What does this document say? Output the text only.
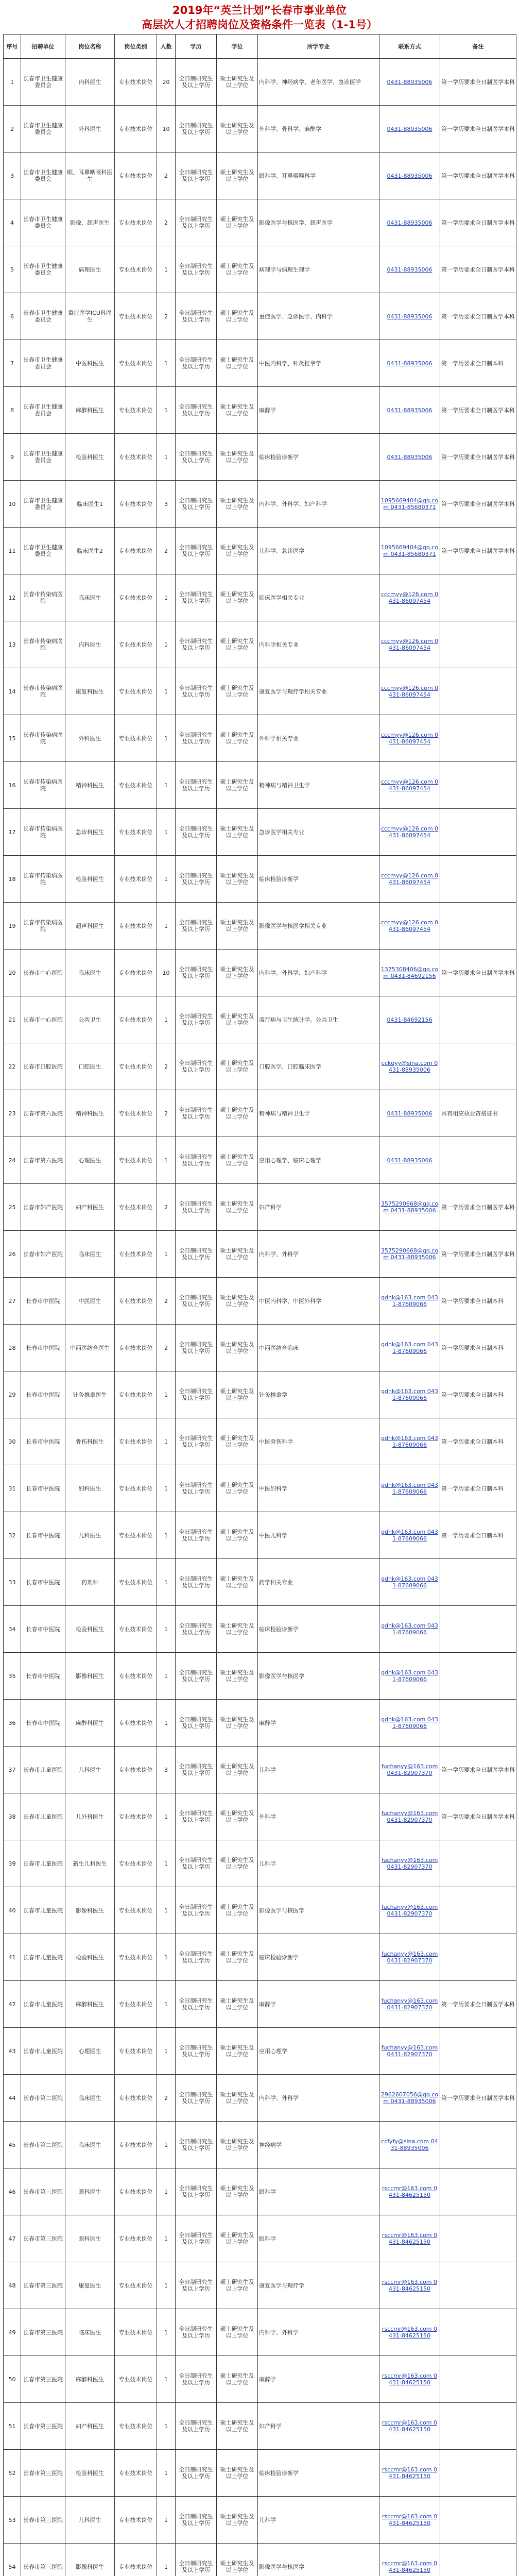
2019年“英兰计划”长春市事业单位
高层次人才招聘岗位及资格条件一览表（1-1号）
序号	招聘单位	岗位名称	岗位类别	人数	学历	学位	所学专业	联系方式	备注
1	长春市卫生健康委员会	内科医生	专业技术岗位	20	全日制研究生及以上学历	硕士研究生及以上学位	内科学、神经病学、老年医学、急诊医学	0431-88935006	第一学历要求全日制医学本科
2	长春市卫生健康委员会	外科医生	专业技术岗位	10	全日制研究生及以上学历	硕士研究生及以上学位	外科学、骨科学、麻醉学	0431-88935006	第一学历要求全日制医学本科
3	长春市卫生健康委员会	眼、耳鼻咽喉科医生	专业技术岗位	2	全日制研究生及以上学历	硕士研究生及以上学位	眼科学、耳鼻咽喉科学	0431-88935006	第一学历要求全日制医学本科
4	长春市卫生健康委员会	影像、超声医生	专业技术岗位	2	全日制研究生及以上学历	硕士研究生及以上学位	影像医学与核医学、超声医学	0431-88935006	第一学历要求全日制医学本科
5	长春市卫生健康委员会	病理医生	专业技术岗位	1	全日制研究生及以上学历	硕士研究生及以上学位	病理学与病理生理学	0431-88935006	第一学历要求全日制医学本科
6	长春市卫生健康委员会	重症医学ICU科医生	专业技术岗位	2	全日制研究生及以上学历	硕士研究生及以上学位	重症医学、急诊医学、内科学	0431-88935006	第一学历要求全日制医学本科
7	长春市卫生健康委员会	中医科医生	专业技术岗位	1	全日制研究生及以上学历	硕士研究生及以上学位	中医内科学、针灸推拿学	0431-88935006	第一学历要求全日制本科
8	长春市卫生健康委员会	麻醉科医生	专业技术岗位	1	全日制研究生及以上学历	硕士研究生及以上学位	麻醉学	0431-88935006	第一学历要求全日制医学本科
9	长春市卫生健康委员会	检验科医生	专业技术岗位	1	全日制研究生及以上学历	硕士研究生及以上学位	临床检验诊断学	0431-88935006	第一学历要求全日制医学本科
10	长春市卫生健康委员会	临床医生1	专业技术岗位	3	全日制研究生及以上学历	硕士研究生及以上学位	内科学、外科学、妇产科学	1095669404@qq.com 0431-85680371	第一学历要求全日制医学本科
11	长春市卫生健康委员会	临床医生2	专业技术岗位	2	全日制研究生及以上学历	硕士研究生及以上学位	儿科学、急诊医学	1095669404@qq.com 0431-85680371	第一学历要求全日制医学本科
12	长春市传染病医院	临床医生	专业技术岗位	1	全日制研究生及以上学历	硕士研究生及以上学位	临床医学相关专业	cccmyy@126.com 0431-86097454	
13	长春市传染病医院	内科医生	专业技术岗位	1	全日制研究生及以上学历	硕士研究生及以上学位	内科学相关专业	cccmyy@126.com 0431-86097454	
14	长春市传染病医院	康复科医生	专业技术岗位	1	全日制研究生及以上学历	硕士研究生及以上学位	康复医学与理疗学相关专业	cccmyy@126.com 0431-86097454	
15	长春市传染病医院	外科医生	专业技术岗位	1	全日制研究生及以上学历	硕士研究生及以上学位	外科学相关专业	cccmyy@126.com 0431-86097454	
16	长春市传染病医院	精神科医生	专业技术岗位	1	全日制研究生及以上学历	硕士研究生及以上学位	精神病与精神卫生学	cccmyy@126.com 0431-86097454	
17	长春市传染病医院	急诊科医生	专业技术岗位	1	全日制研究生及以上学历	硕士研究生及以上学位	急诊医学相关专业	cccmyy@126.com 0431-86097454	
18	长春市传染病医院	检验科医生	专业技术岗位	1	全日制研究生及以上学历	硕士研究生及以上学位	临床检验诊断学	cccmyy@126.com 0431-86097454	
19	长春市传染病医院	超声科医生	专业技术岗位	1	全日制研究生及以上学历	硕士研究生及以上学位	影像医学与核医学相关专业	cccmyy@126.com 0431-86097454	
20	长春市中心医院	临床医生	专业技术岗位	10	全日制研究生及以上学历	硕士研究生及以上学位	内科学、外科学、妇产科学	1375308406@qq.com 0431-84692156	第一学历要求全日制医学本科
21	长春市中心医院	公共卫生	专业技术岗位	1	全日制研究生及以上学历	硕士研究生及以上学位	流行病与卫生统计学、公共卫生	0431-84692156	
22	长春市口腔医院	口腔医生	专业技术岗位	2	全日制研究生及以上学历	硕士研究生及以上学位	口腔医学、口腔临床医学	cckqyy@sina.com 0431-88935006	
23	长春市第六医院	精神科医生	专业技术岗位	2	全日制研究生及以上学历	硕士研究生及以上学位	精神病与精神卫生学	0431-88935006	具有相应执业资格证书
24	长春市第六医院	心理医生	专业技术岗位	1	全日制研究生及以上学历	硕士研究生及以上学位	应用心理学、临床心理学	0431-88935006	
25	长春市妇产医院	妇产科医生	专业技术岗位	2	全日制研究生及以上学历	硕士研究生及以上学位	妇产科学	3575290668@qq.com 0431-88935006	第一学历要求全日制医学本科
26	长春市妇产医院	临床医生	专业技术岗位	1	全日制研究生及以上学历	硕士研究生及以上学位	内科学、外科学	3575290668@qq.com 0431-88935006	第一学历要求全日制医学本科
27	长春市中医院	中医医生	专业技术岗位	2	全日制研究生及以上学历	硕士研究生及以上学位	中医内科学、中医外科学	gdnk@163.com 0431-87609066	第一学历要求全日制本科
28	长春市中医院	中西医结合医生	专业技术岗位	2	全日制研究生及以上学历	硕士研究生及以上学位	中西医结合临床	gdnk@163.com 0431-87609066	第一学历要求全日制本科
29	长春市中医院	针灸推拿医生	专业技术岗位	1	全日制研究生及以上学历	硕士研究生及以上学位	针灸推拿学	gdnk@163.com 0431-87609066	第一学历要求全日制本科
30	长春市中医院	骨伤科医生	专业技术岗位	1	全日制研究生及以上学历	硕士研究生及以上学位	中医骨伤科学	gdnk@163.com 0431-87609066	第一学历要求全日制本科
31	长春市中医院	妇科医生	专业技术岗位	1	全日制研究生及以上学历	硕士研究生及以上学位	中医妇科学	gdnk@163.com 0431-87609066	第一学历要求全日制本科
32	长春市中医院	儿科医生	专业技术岗位	1	全日制研究生及以上学历	硕士研究生及以上学位	中医儿科学	gdnk@163.com 0431-87609066	第一学历要求全日制本科
33	长春市中医院	药剂科	专业技术岗位	1	全日制研究生及以上学历	硕士研究生及以上学位	药学相关专业	gdnk@163.com 0431-87609066	
34	长春市中医院	检验科医生	专业技术岗位	1	全日制研究生及以上学历	硕士研究生及以上学位	临床检验诊断学	gdnk@163.com 0431-87609066	
35	长春市中医院	影像科医生	专业技术岗位	1	全日制研究生及以上学历	硕士研究生及以上学位	影像医学与核医学	gdnk@163.com 0431-87609066	
36	长春市中医院	麻醉科医生	专业技术岗位	1	全日制研究生及以上学历	硕士研究生及以上学位	麻醉学	gdnk@163.com 0431-87609066	
37	长春市儿童医院	儿科医生	专业技术岗位	3	全日制研究生及以上学历	硕士研究生及以上学位	儿科学	fuchanyy@163.com 0431-82907370	第一学历要求全日制医学本科
38	长春市儿童医院	儿外科医生	专业技术岗位	1	全日制研究生及以上学历	硕士研究生及以上学位	外科学	fuchanyy@163.com 0431-82907370	第一学历要求全日制医学本科
39	长春市儿童医院	新生儿科医生	专业技术岗位	1	全日制研究生及以上学历	硕士研究生及以上学位	儿科学	fuchanyy@163.com 0431-82907370	
40	长春市儿童医院	影像科医生	专业技术岗位	1	全日制研究生及以上学历	硕士研究生及以上学位	影像医学与核医学	fuchanyy@163.com 0431-82907370	
41	长春市儿童医院	检验科医生	专业技术岗位	1	全日制研究生及以上学历	硕士研究生及以上学位	临床检验诊断学	fuchanyy@163.com 0431-82907370	
42	长春市儿童医院	麻醉科医生	专业技术岗位	1	全日制研究生及以上学历	硕士研究生及以上学位	麻醉学	fuchanyy@163.com 0431-82907370	第一学历要求全日制医学本科
43	长春市儿童医院	心理医生	专业技术岗位	1	全日制研究生及以上学历	硕士研究生及以上学位	应用心理学	fuchanyy@163.com 0431-82907370	
44	长春市第二医院	临床医生	专业技术岗位	2	全日制研究生及以上学历	硕士研究生及以上学位	内科学、外科学	2962607056@qq.com 0431-88935006	第一学历要求全日制医学本科
45	长春市第二医院	临床医生	专业技术岗位	1	全日制研究生及以上学历	硕士研究生及以上学位	神经病学	ccfyfy@sina.com 0431-88935006	
46	长春市第三医院	眼科医生	专业技术岗位	1	全日制研究生及以上学历	硕士研究生及以上学位	眼科学	rsccmr@163.com 0431-84625150	
47	长春市第三医院	眼科医生	专业技术岗位	1	全日制研究生及以上学历	硕士研究生及以上学位	眼科学	rsccmr@163.com 0431-84625150	
48	长春市第三医院	康复医生	专业技术岗位	1	全日制研究生及以上学历	硕士研究生及以上学位	康复医学与理疗学	rsccmr@163.com 0431-84625150	
49	长春市第三医院	临床医生	专业技术岗位	1	全日制研究生及以上学历	硕士研究生及以上学位	内科学、外科学	rsccmr@163.com 0431-84625150	
50	长春市第三医院	麻醉科医生	专业技术岗位	1	全日制研究生及以上学历	硕士研究生及以上学位	麻醉学	rsccmr@163.com 0431-84625150	
51	长春市第三医院	妇产科医生	专业技术岗位	1	全日制研究生及以上学历	硕士研究生及以上学位	妇产科学	rsccmr@163.com 0431-84625150	
52	长春市第三医院	检验科医生	专业技术岗位	1	全日制研究生及以上学历	硕士研究生及以上学位	临床检验诊断学	rsccmr@163.com 0431-84625150	
53	长春市第三医院	儿科医生	专业技术岗位	1	全日制研究生及以上学历	硕士研究生及以上学位	儿科学	rsccmr@163.com 0431-84625150	
54	长春市第三医院	影像科医生	专业技术岗位	1	全日制研究生及以上学历	硕士研究生及以上学位	影像医学与核医学	rsccmr@163.com 0431-84625150	
